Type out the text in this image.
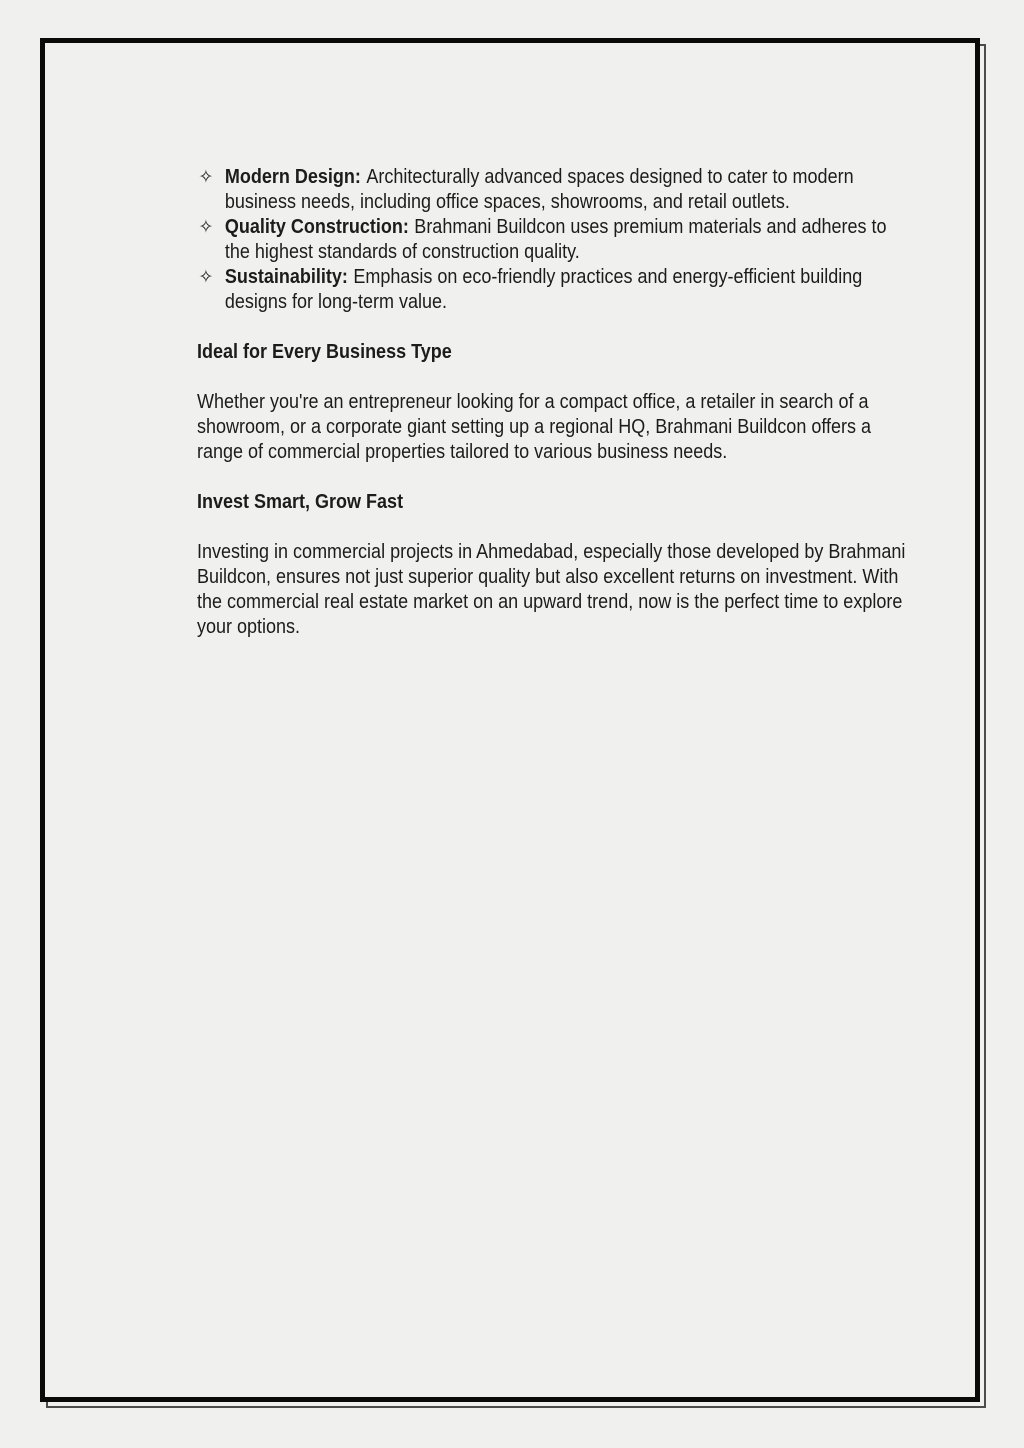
✧ Modern Design: Architecturally advanced spaces designed to cater to modern business needs, including office spaces, showrooms, and retail outlets.
✧ Quality Construction: Brahmani Buildcon uses premium materials and adheres to the highest standards of construction quality.
✧ Sustainability: Emphasis on eco-friendly practices and energy-efficient building designs for long-term value.
Ideal for Every Business Type

Whether you're an entrepreneur looking for a compact office, a retailer in search of a showroom, or a corporate giant setting up a regional HQ, Brahmani Buildcon offers a range of commercial properties tailored to various business needs.

Invest Smart, Grow Fast

Investing in commercial projects in Ahmedabad, especially those developed by Brahmani Buildcon, ensures not just superior quality but also excellent returns on investment. With the commercial real estate market on an upward trend, now is the perfect time to explore your options.
